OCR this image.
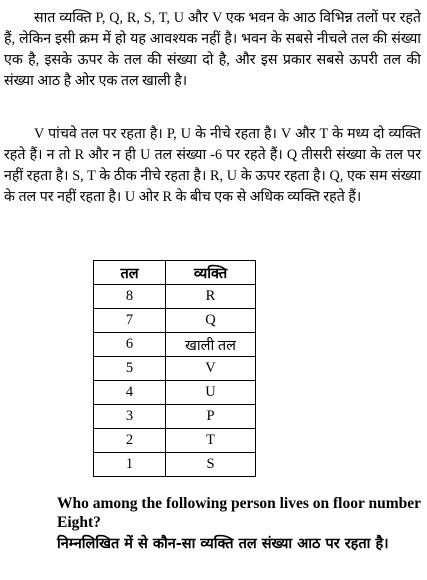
सात व्यक्ति P, Q, R, S, T, U और V एक भवन के आठ विभिन्न तलों पर रहते हैं, लेकिन इसी क्रम में हो यह आवश्यक नहीं है। भवन के सबसे नीचले तल की संख्या एक है, इसके ऊपर के तल की संख्या दो है, और इस प्रकार सबसे ऊपरी तल की संख्या आठ है ओर एक तल खाली है।

V पांचवे तल पर रहता है। P, U के नीचे रहता है। V और T के मध्य दो व्यक्ति रहते हैं। न तो R और न ही U तल संख्या -6 पर रहते हैं। Q तीसरी संख्या के तल पर नहीं रहता है। S, T के ठीक नीचे रहता है। R, U के ऊपर रहता है। Q, एक सम संख्या के तल पर नहीं रहता है। U ओर R के बीच एक से अधिक व्यक्ति रहते हैं।

तल	व्यक्ति
8	R
7	Q
6	खाली तल
5	V
4	U
3	P
2	T
1	S

Who among the following person lives on floor number Eight?

निम्नलिखित में से कौन-सा व्यक्ति तल संख्या आठ पर रहता है।
